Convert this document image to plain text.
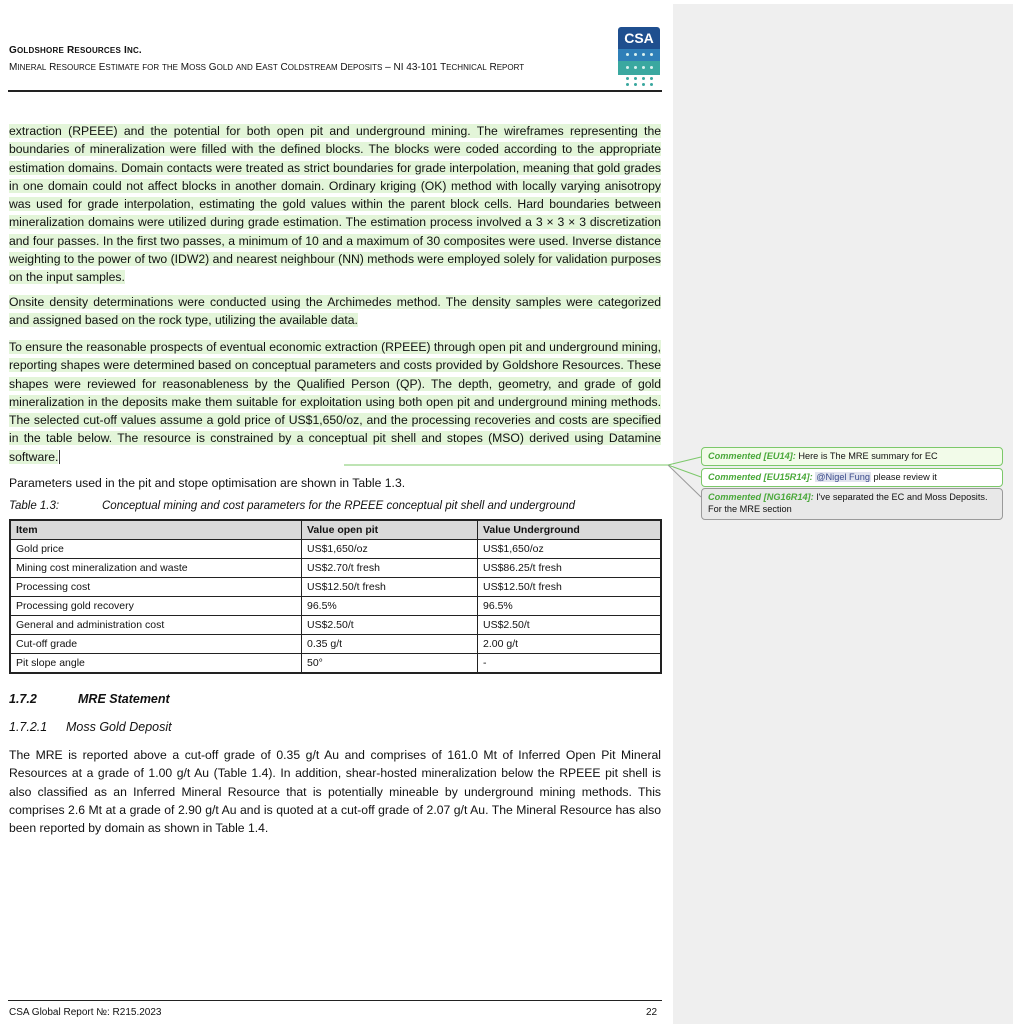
GOLDSHORE RESOURCES INC.
MINERAL RESOURCE ESTIMATE FOR THE MOSS GOLD AND EAST COLDSTREAM DEPOSITS – NI 43-101 TECHNICAL REPORT
CSA

extraction (RPEEE) and the potential for both open pit and underground mining. The wireframes representing the boundaries of mineralization were filled with the defined blocks. The blocks were coded according to the appropriate estimation domains. Domain contacts were treated as strict boundaries for grade interpolation, meaning that gold grades in one domain could not affect blocks in another domain. Ordinary kriging (OK) method with locally varying anisotropy was used for grade interpolation, estimating the gold values within the parent block cells. Hard boundaries between mineralization domains were utilized during grade estimation. The estimation process involved a 3 × 3 × 3 discretization and four passes. In the first two passes, a minimum of 10 and a maximum of 30 composites were used. Inverse distance weighting to the power of two (IDW2) and nearest neighbour (NN) methods were employed solely for validation purposes on the input samples.

Onsite density determinations were conducted using the Archimedes method. The density samples were categorized and assigned based on the rock type, utilizing the available data.

To ensure the reasonable prospects of eventual economic extraction (RPEEE) through open pit and underground mining, reporting shapes were determined based on conceptual parameters and costs provided by Goldshore Resources. These shapes were reviewed for reasonableness by the Qualified Person (QP). The depth, geometry, and grade of gold mineralization in the deposits make them suitable for exploitation using both open pit and underground mining methods. The selected cut-off values assume a gold price of US$1,650/oz, and the processing recoveries and costs are specified in the table below. The resource is constrained by a conceptual pit shell and stopes (MSO) derived using Datamine software.

Parameters used in the pit and stope optimisation are shown in Table 1.3.

Table 1.3:	Conceptual mining and cost parameters for the RPEEE conceptual pit shell and underground
Item	Value open pit	Value Underground
Gold price	US$1,650/oz	US$1,650/oz
Mining cost mineralization and waste	US$2.70/t fresh	US$86.25/t fresh
Processing cost	US$12.50/t fresh	US$12.50/t fresh
Processing gold recovery	96.5%	96.5%
General and administration cost	US$2.50/t	US$2.50/t
Cut-off grade	0.35 g/t	2.00 g/t
Pit slope angle	50°	-
1.7.2	MRE Statement
1.7.2.1 Moss Gold Deposit

The MRE is reported above a cut-off grade of 0.35 g/t Au and comprises of 161.0 Mt of Inferred Open Pit Mineral Resources at a grade of 1.00 g/t Au (Table 1.4). In addition, shear-hosted mineralization below the RPEEE pit shell is also classified as an Inferred Mineral Resource that is potentially mineable by underground mining methods. This comprises 2.6 Mt at a grade of 2.90 g/t Au and is quoted at a cut-off grade of 2.07 g/t Au. The Mineral Resource has also been reported by domain as shown in Table 1.4.

CSA Global Report №: R215.2023	22
Commented [EU14]: Here is The MRE summary for EC
Commented [EU15R14]: @Nigel Fung please review it
Commented [NG16R14]: I've separated the EC and Moss Deposits. For the MRE section
